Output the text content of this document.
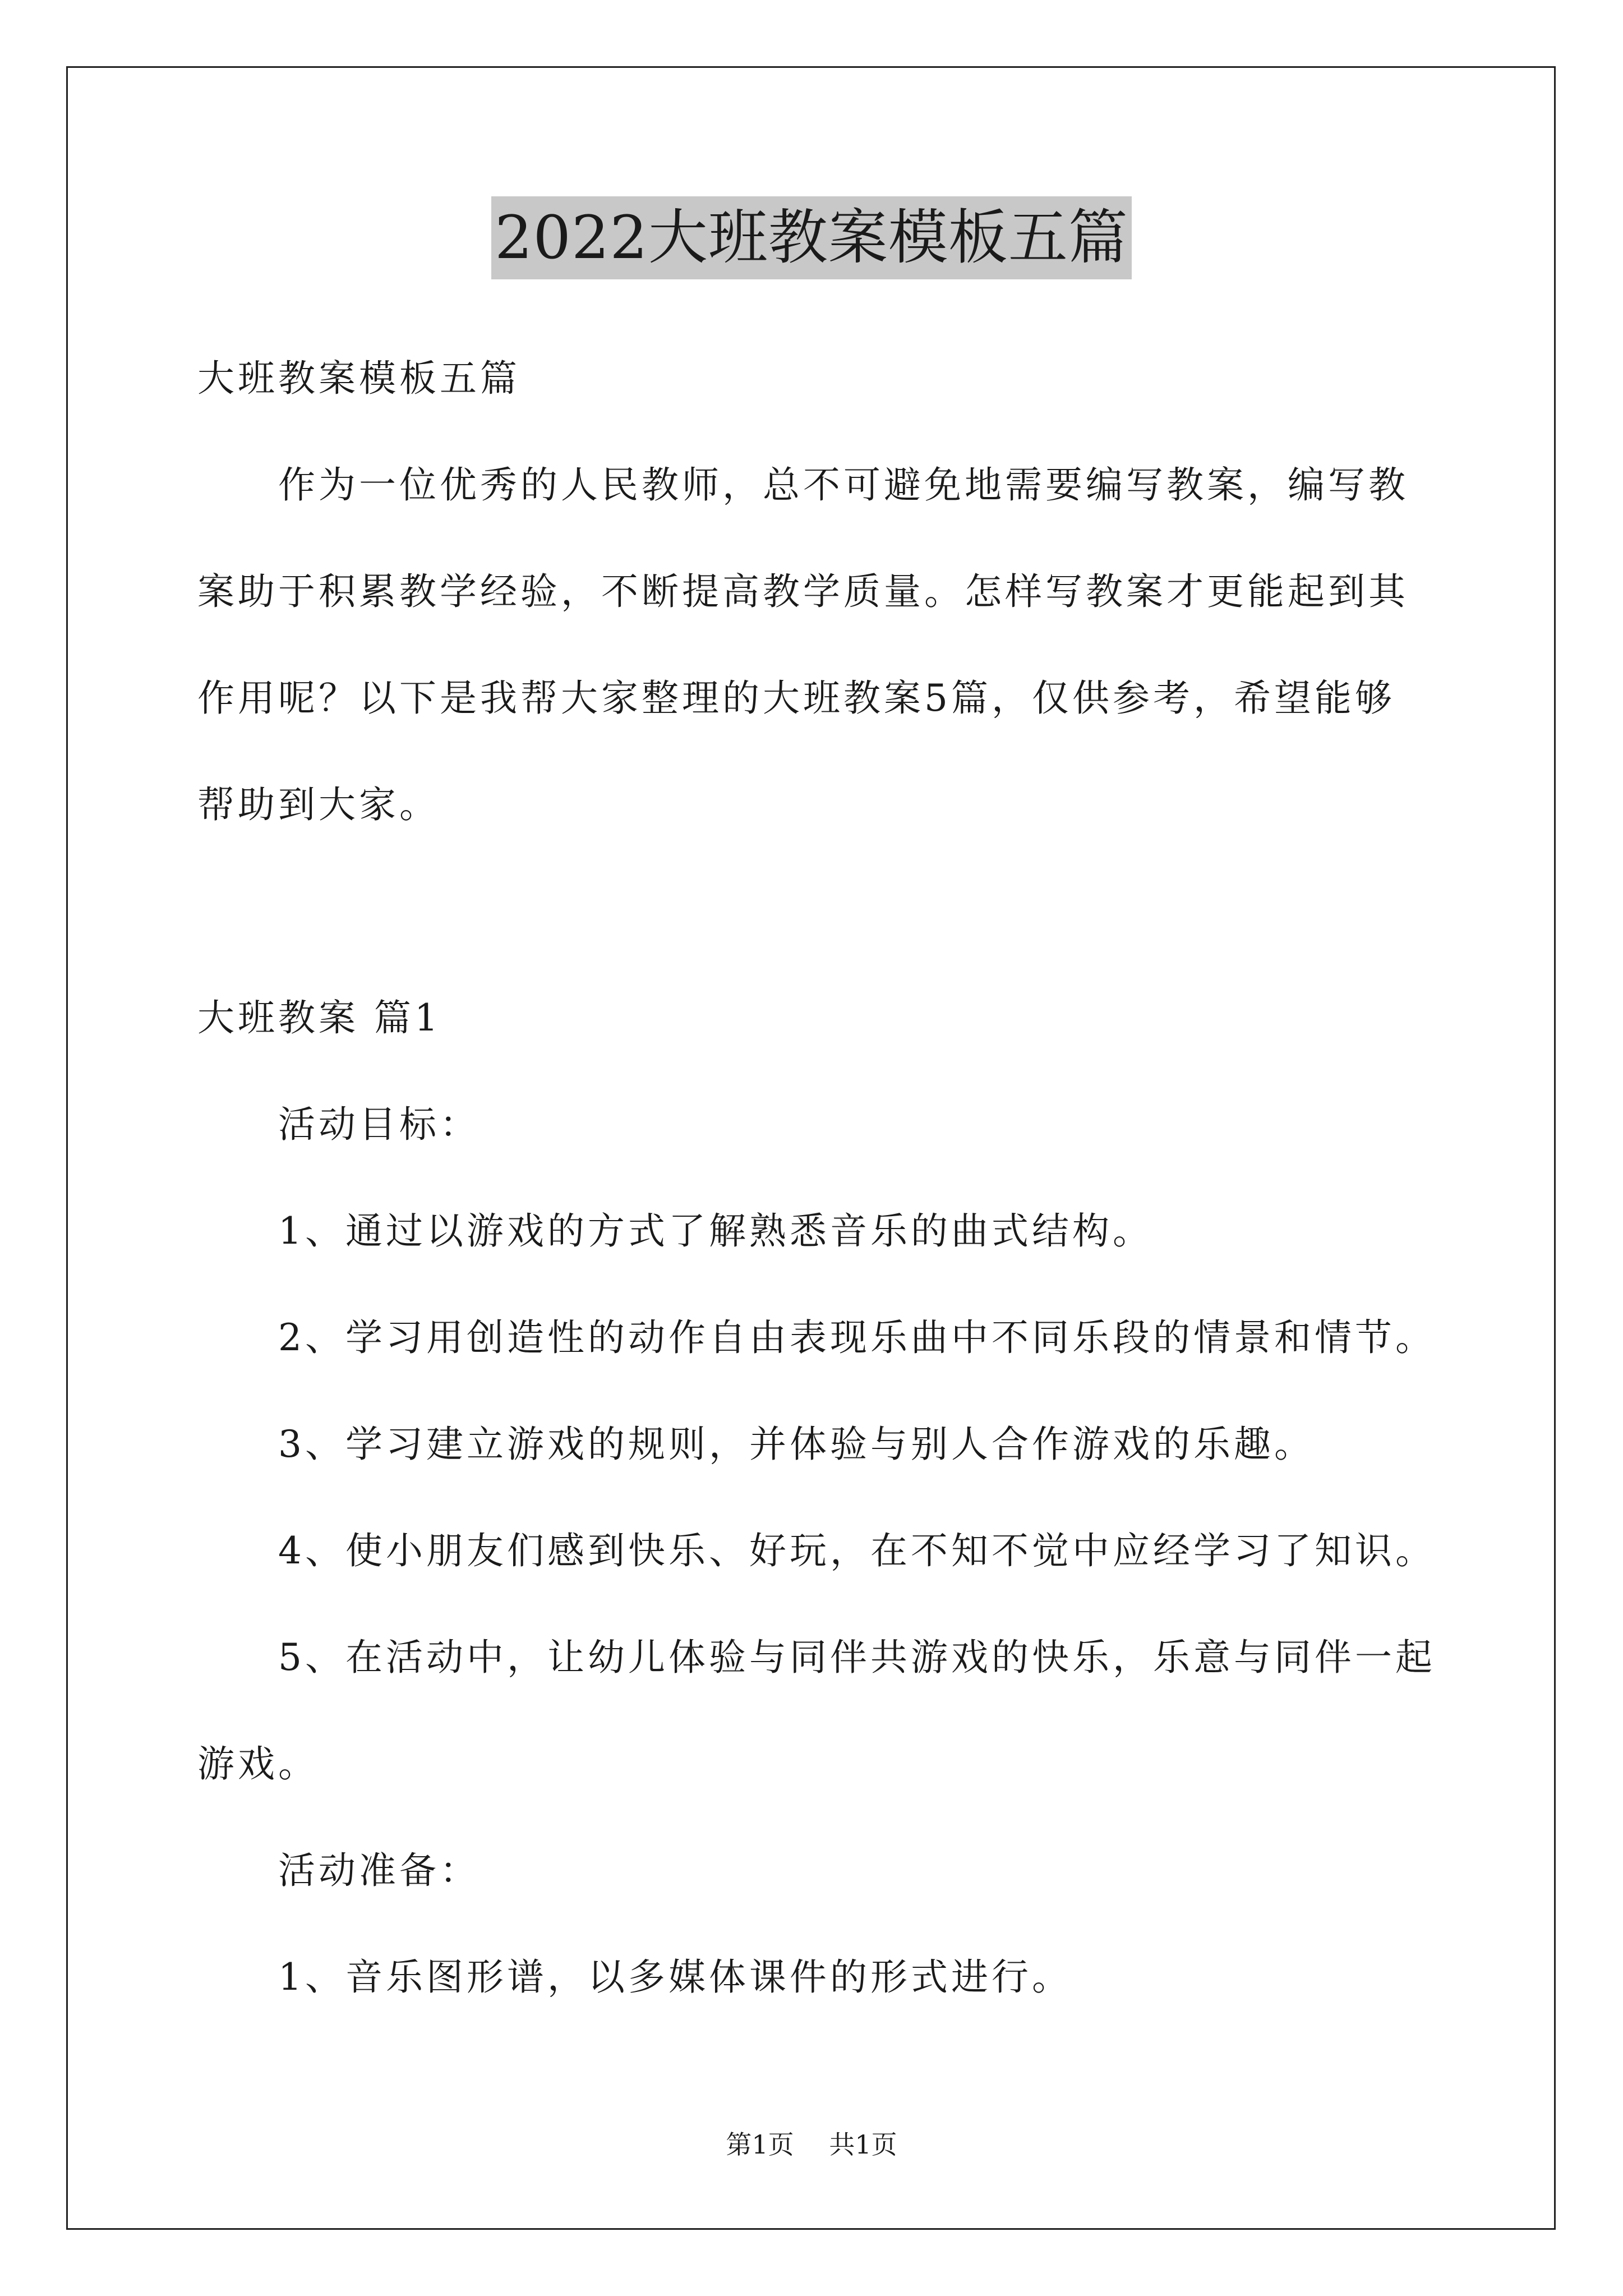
2022大班教案模板五篇
大班教案模板五篇
作为一位优秀的人民教师，总不可避免地需要编写教案，编写教
案助于积累教学经验，不断提高教学质量。怎样写教案才更能起到其
作用呢？以下是我帮大家整理的大班教案5篇，仅供参考，希望能够
帮助到大家。
大班教案 篇1
活动目标：
1、通过以游戏的方式了解熟悉音乐的曲式结构。
2、学习用创造性的动作自由表现乐曲中不同乐段的情景和情节。
3、学习建立游戏的规则，并体验与别人合作游戏的乐趣。
4、使小朋友们感到快乐、好玩，在不知不觉中应经学习了知识。
5、在活动中，让幼儿体验与同伴共游戏的快乐，乐意与同伴一起
游戏。
活动准备：
1、音乐图形谱，以多媒体课件的形式进行。
第1页 共1页
